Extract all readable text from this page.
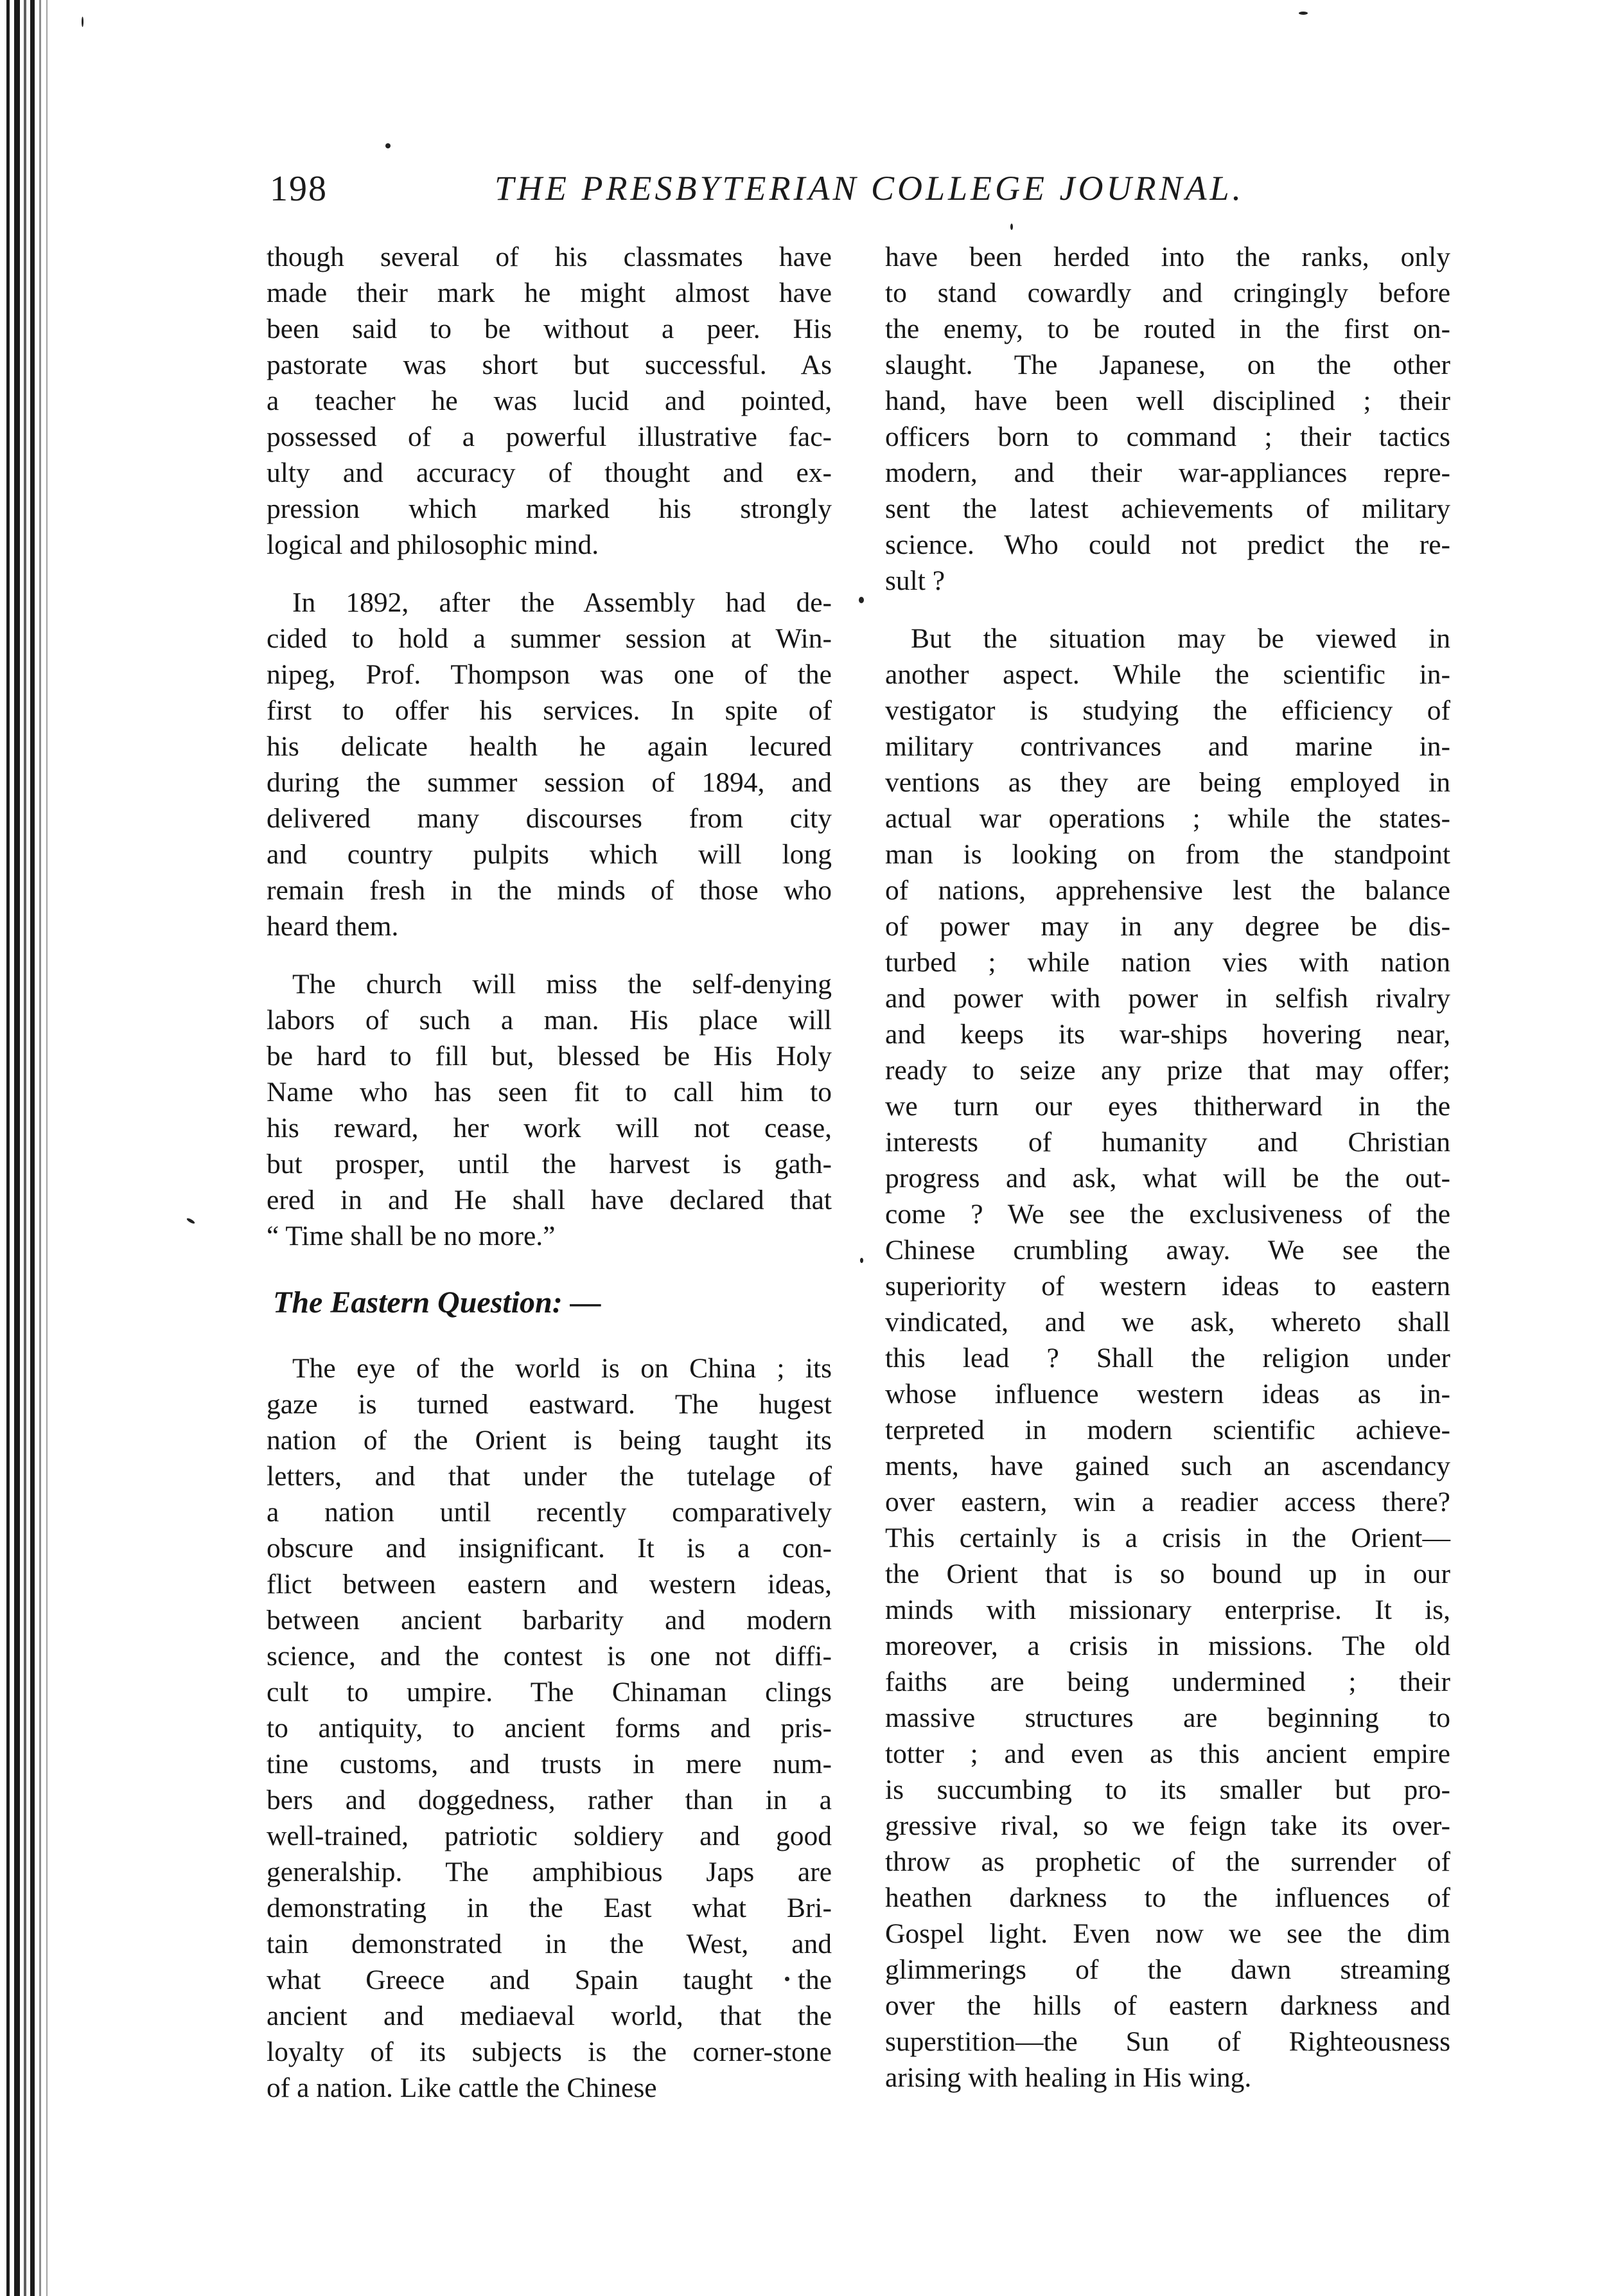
198	THE PRESBYTERIAN COLLEGE JOURNAL.

though several of his classmates have
made their mark he might almost have
been said to be without a peer. His
pastorate was short but successful. As
a teacher he was lucid and pointed,
possessed of a powerful illustrative fac-
ulty and accuracy of thought and ex-
pression which marked his strongly
logical and philosophic mind.

In 1892, after the Assembly had de-
cided to hold a summer session at Win-
nipeg, Prof. Thompson was one of the
first to offer his services. In spite of
his delicate health he again lecured
during the summer session of 1894, and
delivered many discourses from city
and country pulpits which will long
remain fresh in the minds of those who
heard them.

The church will miss the self-denying
labors of such a man. His place will
be hard to fill but, blessed be His Holy
Name who has seen fit to call him to
his reward, her work will not cease,
but prosper, until the harvest is gath-
ered in and He shall have declared that
“ Time shall be no more.”

The Eastern Question: —

The eye of the world is on China ; its
gaze is turned eastward. The hugest
nation of the Orient is being taught its
letters, and that under the tutelage of
a nation until recently comparatively
obscure and insignificant. It is a con-
flict between eastern and western ideas,
between ancient barbarity and modern
science, and the contest is one not diffi-
cult to umpire. The Chinaman clings
to antiquity, to ancient forms and pris-
tine customs, and trusts in mere num-
bers and doggedness, rather than in a
well-trained, patriotic soldiery and good
generalship. The amphibious Japs are
demonstrating in the East what Bri-
tain demonstrated in the West, and
what Greece and Spain taught the
ancient and mediaeval world, that the
loyalty of its subjects is the corner-stone
of a nation. Like cattle the Chinese

have been herded into the ranks, only
to stand cowardly and cringingly before
the enemy, to be routed in the first on-
slaught. The Japanese, on the other
hand, have been well disciplined ; their
officers born to command ; their tactics
modern, and their war-appliances repre-
sent the latest achievements of military
science. Who could not predict the re-
sult ?

But the situation may be viewed in
another aspect. While the scientific in-
vestigator is studying the efficiency of
military contrivances and marine in-
ventions as they are being employed in
actual war operations ; while the states-
man is looking on from the standpoint
of nations, apprehensive lest the balance
of power may in any degree be dis-
turbed ; while nation vies with nation
and power with power in selfish rivalry
and keeps its war-ships hovering near,
ready to seize any prize that may offer;
we turn our eyes thitherward in the
interests of humanity and Christian
progress and ask, what will be the out-
come ? We see the exclusiveness of the
Chinese crumbling away. We see the
superiority of western ideas to eastern
vindicated, and we ask, whereto shall
this lead ? Shall the religion under
whose influence western ideas as in-
terpreted in modern scientific achieve-
ments, have gained such an ascendancy
over eastern, win a readier access there?
This certainly is a crisis in the Orient—
the Orient that is so bound up in our
minds with missionary enterprise. It is,
moreover, a crisis in missions. The old
faiths are being undermined ; their
massive structures are beginning to
totter ; and even as this ancient empire
is succumbing to its smaller but pro-
gressive rival, so we feign take its over-
throw as prophetic of the surrender of
heathen darkness to the influences of
Gospel light. Even now we see the dim
glimmerings of the dawn streaming
over the hills of eastern darkness and
superstition—the Sun of Righteousness
arising with healing in His wing.
